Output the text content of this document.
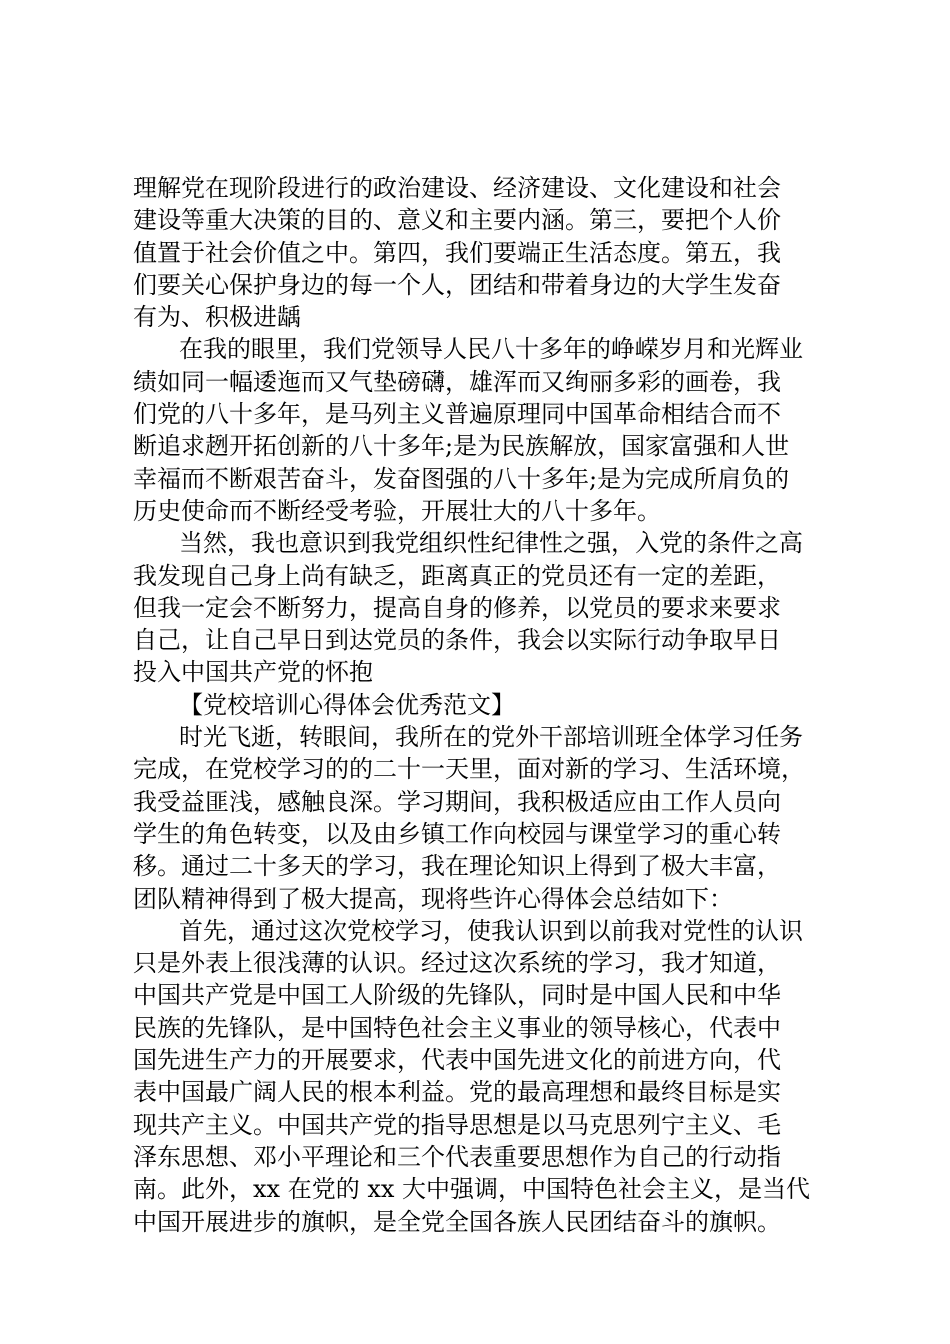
理解党在现阶段进行的政治建设、经济建设、文化建设和社会
建设等重大决策的目的、意义和主要内涵。第三，要把个人价
值置于社会价值之中。第四，我们要端正生活态度。第五，我
们要关心保护身边的每一个人，团结和带着身边的大学生发奋
有为、积极进龋
在我的眼里，我们党领导人民八十多年的峥嵘岁月和光辉业
绩如同一幅逶迤而又气垫磅礴，雄浑而又绚丽多彩的画卷，我
们党的八十多年，是马列主义普遍原理同中国革命相结合而不
断追求趔开拓创新的八十多年;是为民族解放，国家富强和人世
幸福而不断艰苦奋斗，发奋图强的八十多年;是为完成所肩负的
历史使命而不断经受考验，开展壮大的八十多年。
当然，我也意识到我党组织性纪律性之强，入党的条件之高
我发现自己身上尚有缺乏，距离真正的党员还有一定的差距，
但我一定会不断努力，提高自身的修养，以党员的要求来要求
自己，让自己早日到达党员的条件，我会以实际行动争取早日
投入中国共产党的怀抱
【党校培训心得体会优秀范文】
时光飞逝，转眼间，我所在的党外干部培训班全体学习任务
完成，在党校学习的的二十一天里，面对新的学习、生活环境，
我受益匪浅，感触良深。学习期间，我积极适应由工作人员向
学生的角色转变，以及由乡镇工作向校园与课堂学习的重心转
移。通过二十多天的学习，我在理论知识上得到了极大丰富，
团队精神得到了极大提高，现将些许心得体会总结如下：
首先，通过这次党校学习，使我认识到以前我对党性的认识
只是外表上很浅薄的认识。经过这次系统的学习，我才知道，
中国共产党是中国工人阶级的先锋队，同时是中国人民和中华
民族的先锋队，是中国特色社会主义事业的领导核心，代表中
国先进生产力的开展要求，代表中国先进文化的前进方向，代
表中国最广阔人民的根本利益。党的最高理想和最终目标是实
现共产主义。中国共产党的指导思想是以马克思列宁主义、毛
泽东思想、邓小平理论和三个代表重要思想作为自己的行动指
南。此外，xx 在党的 xx 大中强调，中国特色社会主义，是当代
中国开展进步的旗帜，是全党全国各族人民团结奋斗的旗帜。
